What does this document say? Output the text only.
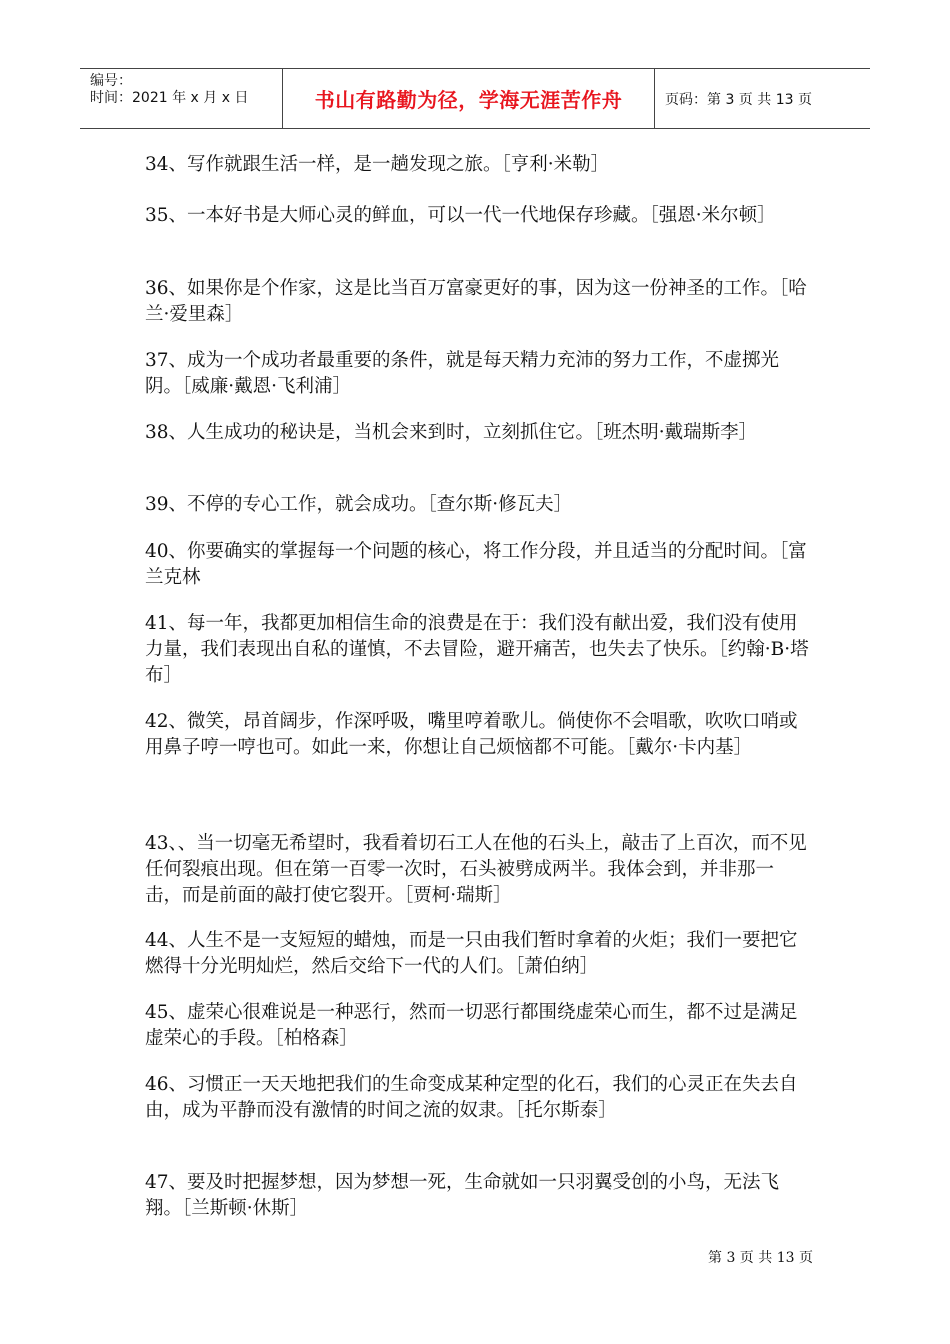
编号：
时间：2021 年 x 月 x 日	书山有路勤为径，学海无涯苦作舟	页码：第 3 页 共 13 页

34、写作就跟生活一样，是一趟发现之旅。［亨利·米勒］

35、一本好书是大师心灵的鲜血，可以一代一代地保存珍藏。［强恩·米尔顿］

36、如果你是个作家，这是比当百万富豪更好的事，因为这一份神圣的工作。［哈兰·爱里森］

37、成为一个成功者最重要的条件，就是每天精力充沛的努力工作，不虚掷光阴。［威廉·戴恩·飞利浦］

38、人生成功的秘诀是，当机会来到时，立刻抓住它。［班杰明·戴瑞斯李］

39、不停的专心工作，就会成功。［查尔斯·修瓦夫］

40、你要确实的掌握每一个问题的核心，将工作分段，并且适当的分配时间。［富兰克林

41、每一年，我都更加相信生命的浪费是在于：我们没有献出爱，我们没有使用力量，我们表现出自私的谨慎，不去冒险，避开痛苦，也失去了快乐。［约翰·B·塔布］

42、微笑，昂首阔步，作深呼吸，嘴里哼着歌儿。倘使你不会唱歌，吹吹口哨或用鼻子哼一哼也可。如此一来，你想让自己烦恼都不可能。［戴尔·卡内基］

43、、当一切毫无希望时，我看着切石工人在他的石头上，敲击了上百次，而不见任何裂痕出现。但在第一百零一次时，石头被劈成两半。我体会到，并非那一击，而是前面的敲打使它裂开。［贾柯·瑞斯］

44、人生不是一支短短的蜡烛，而是一只由我们暂时拿着的火炬；我们一要把它燃得十分光明灿烂，然后交给下一代的人们。［萧伯纳］

45、虚荣心很难说是一种恶行，然而一切恶行都围绕虚荣心而生，都不过是满足虚荣心的手段。［柏格森］

46、习惯正一天天地把我们的生命变成某种定型的化石，我们的心灵正在失去自由，成为平静而没有激情的时间之流的奴隶。［托尔斯泰］

47、要及时把握梦想，因为梦想一死，生命就如一只羽翼受创的小鸟，无法飞翔。［兰斯顿·休斯］

第 3 页 共 13 页
